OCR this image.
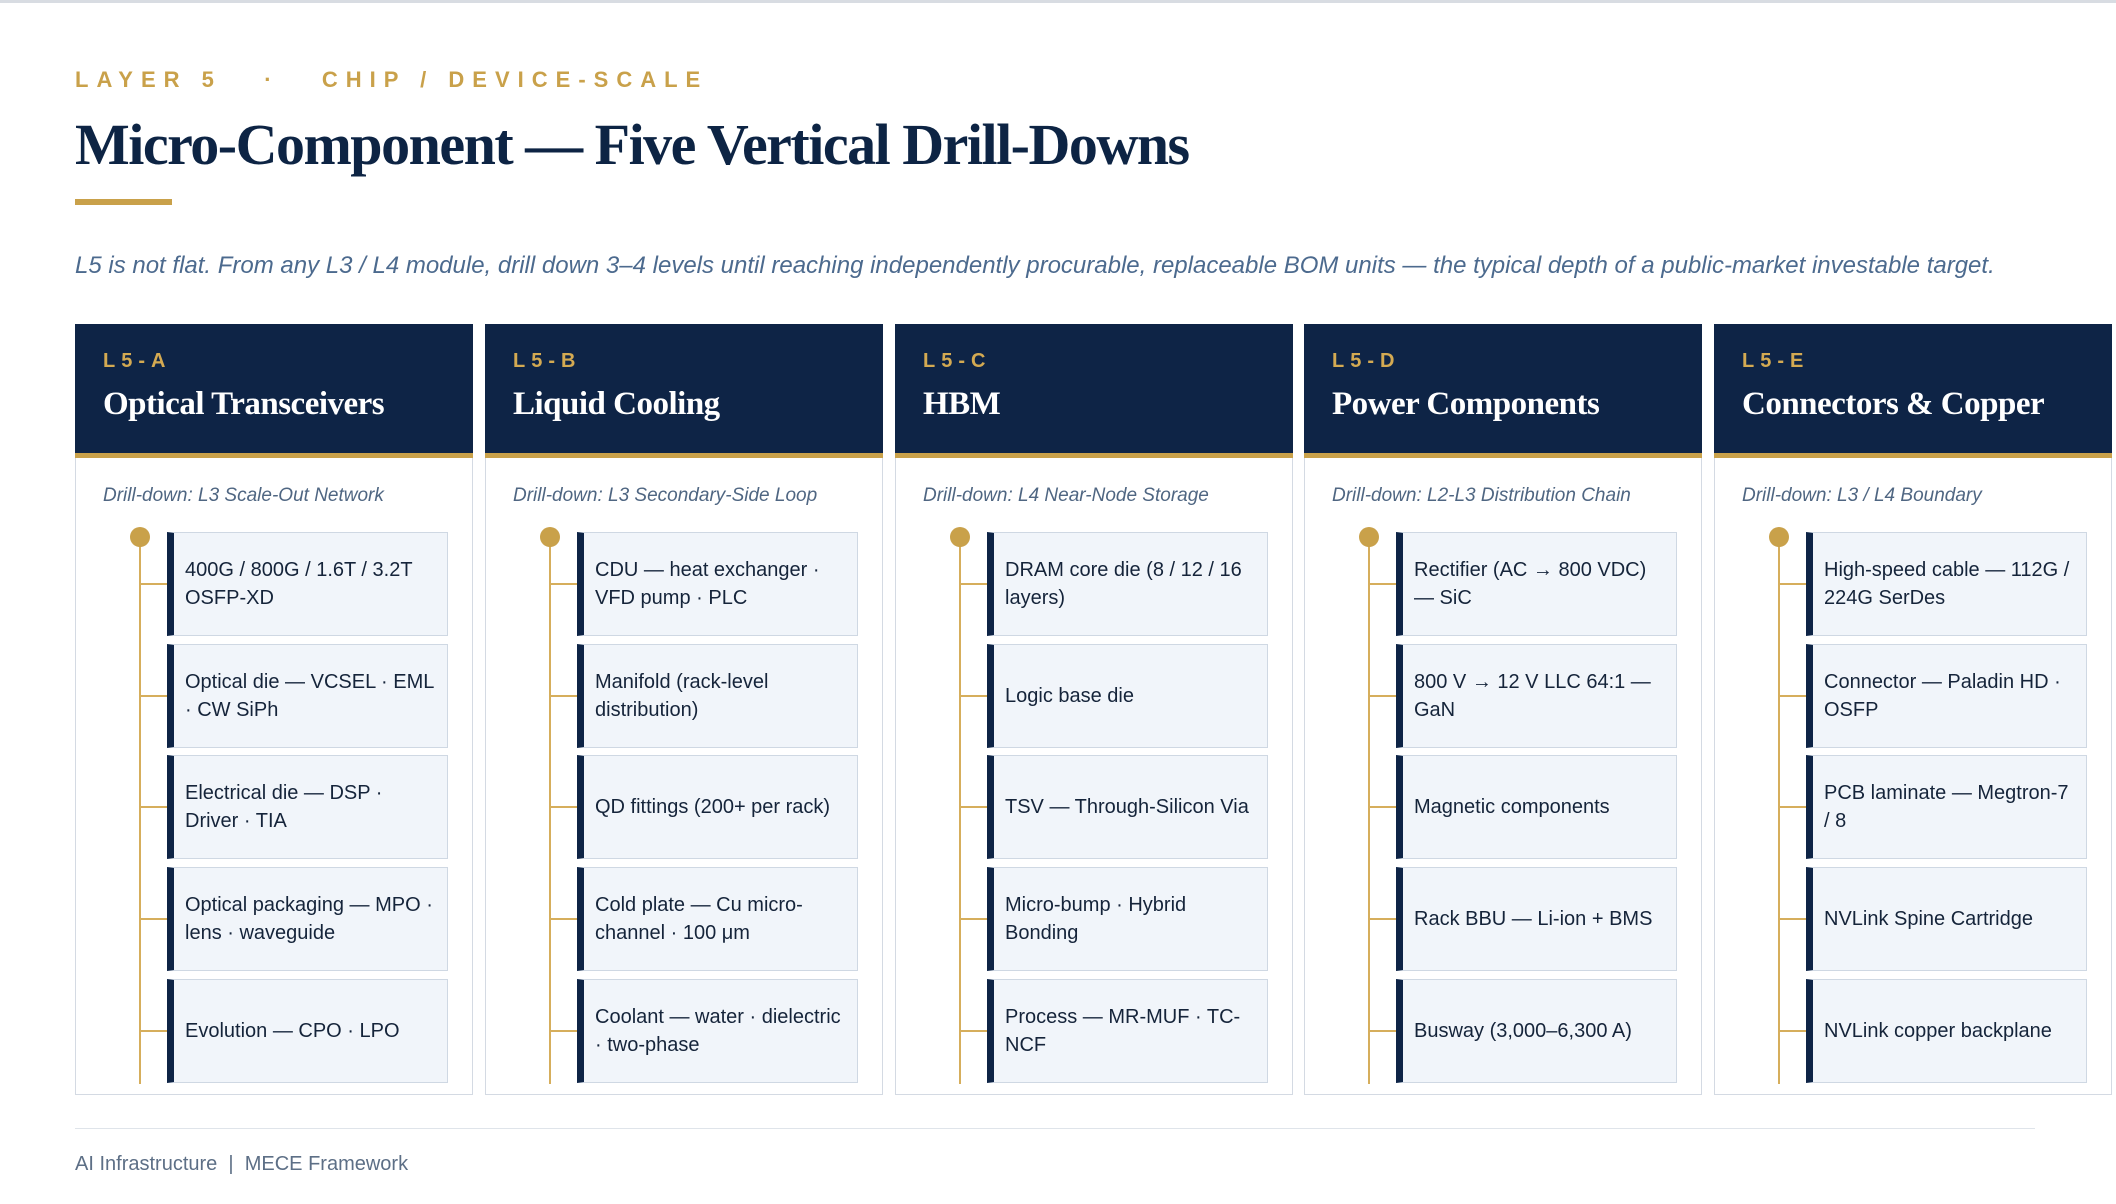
LAYER 5 · CHIP / DEVICE-SCALE
Micro-Component — Five Vertical Drill-Downs
L5 is not flat. From any L3 / L4 module, drill down 3–4 levels until reaching independently procurable, replaceable BOM units — the typical depth of a public-market investable target.
L5-A
Optical Transceivers
Drill-down: L3 Scale-Out Network
400G / 800G / 1.6T / 3.2T OSFP-XD
Optical die — VCSEL · EML · CW SiPh
Electrical die — DSP · Driver · TIA
Optical packaging — MPO · lens · waveguide
Evolution — CPO · LPO
L5-B
Liquid Cooling
Drill-down: L3 Secondary-Side Loop
CDU — heat exchanger · VFD pump · PLC
Manifold (rack-level distribution)
QD fittings (200+ per rack)
Cold plate — Cu micro-channel · 100 μm
Coolant — water · dielectric · two-phase
L5-C
HBM
Drill-down: L4 Near-Node Storage
DRAM core die (8 / 12 / 16 layers)
Logic base die
TSV — Through-Silicon Via
Micro-bump · Hybrid Bonding
Process — MR-MUF · TC-NCF
L5-D
Power Components
Drill-down: L2-L3 Distribution Chain
Rectifier (AC → 800 VDC) — SiC
800 V → 12 V LLC 64:1 — GaN
Magnetic components
Rack BBU — Li-ion + BMS
Busway (3,000–6,300 A)
L5-E
Connectors & Copper
Drill-down: L3 / L4 Boundary
High-speed cable — 112G / 224G SerDes
Connector — Paladin HD · OSFP
PCB laminate — Megtron-7 / 8
NVLink Spine Cartridge
NVLink copper backplane
AI Infrastructure | MECE Framework
